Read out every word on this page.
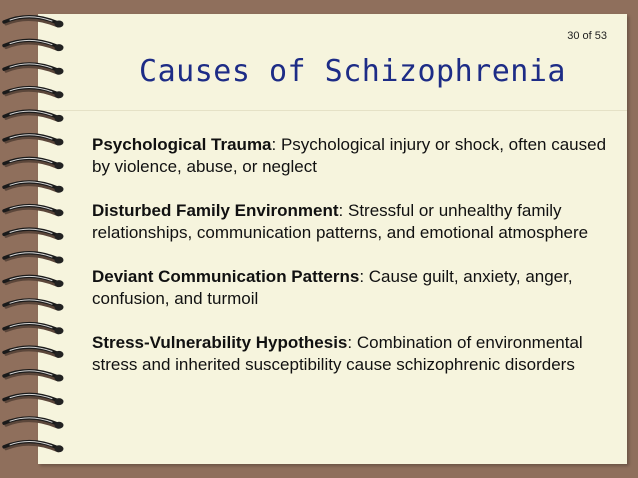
30 of 53
Causes of Schizophrenia

Psychological Trauma: Psychological injury or shock, often caused by violence, abuse, or neglect

Disturbed Family Environment: Stressful or unhealthy family relationships, communication patterns, and emotional atmosphere

Deviant Communication Patterns: Cause guilt, anxiety, anger, confusion, and turmoil

Stress-Vulnerability Hypothesis: Combination of environmental stress and inherited susceptibility cause schizophrenic disorders
